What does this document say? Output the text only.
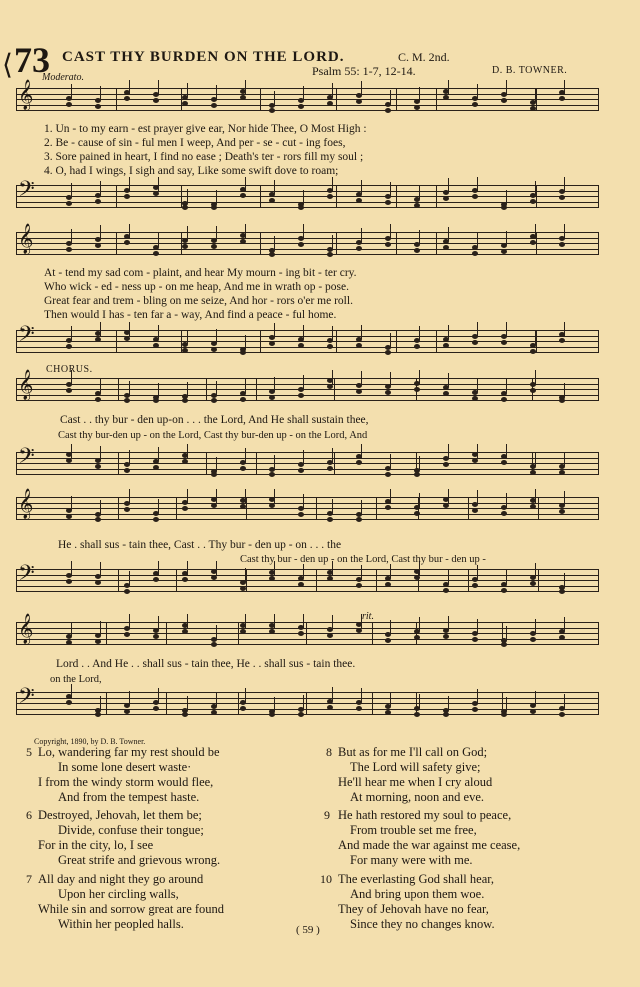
⟨ 73 CAST THY BURDEN ON THE LORD.	C. M. 2nd.
Psalm 55: 1-7, 12-14.	D. B. TOWNER.
Moderato.
𝄞
𝄢
𝄞
𝄢
𝄞
𝄢
𝄞
𝄢
𝄞
𝄢
1. Un - to my earn - est prayer give ear, Nor hide Thee, O Most High :
2. Be - cause of sin - ful men I weep, And per - se - cut - ing foes,
3. Sore pained in heart, I find no ease ; Death's ter - rors fill my soul ;
4. O, had I wings, I sigh and say, Like some swift dove to roam;
At - tend my sad com - plaint, and hear My mourn - ing bit - ter cry.
Who wick - ed - ness up - on me heap, And me in wrath op - pose.
Great fear and trem - bling on me seize, And hor - rors o'er me roll.
Then would I has - ten far a - way, And find a peace - ful home.
CHORUS.
Cast . . thy bur - den up-on . . . the Lord, And He shall sustain thee,
Cast thy bur-den up - on the Lord, Cast thy bur-den up - on the Lord, And
He . shall sus - tain thee, Cast . . Thy bur - den up - on . . . the
Cast thy bur - den up - on the Lord, Cast thy bur - den up -
rit.
Lord . . And He . . shall sus - tain thee, He . . shall sus - tain thee.
on the Lord,
Copyright, 1890, by D. B. Towner.
5 Lo, wandering far my rest should be
In some lone desert waste·
I from the windy storm would flee,
And from the tempest haste.
6 Destroyed, Jehovah, let them be;
Divide, confuse their tongue;
For in the city, lo, I see
Great strife and grievous wrong.
7 All day and night they go around
Upon her circling walls,
While sin and sorrow great are found
Within her peopled halls.
8 But as for me I'll call on God;
The Lord will safety give;
He'll hear me when I cry aloud
At morning, noon and eve.
9 He hath restored my soul to peace,
From trouble set me free,
And made the war against me cease,
For many were with me.
10 The everlasting God shall hear,
And bring upon them woe.
They of Jehovah have no fear,
Since they no changes know.
( 59 )
